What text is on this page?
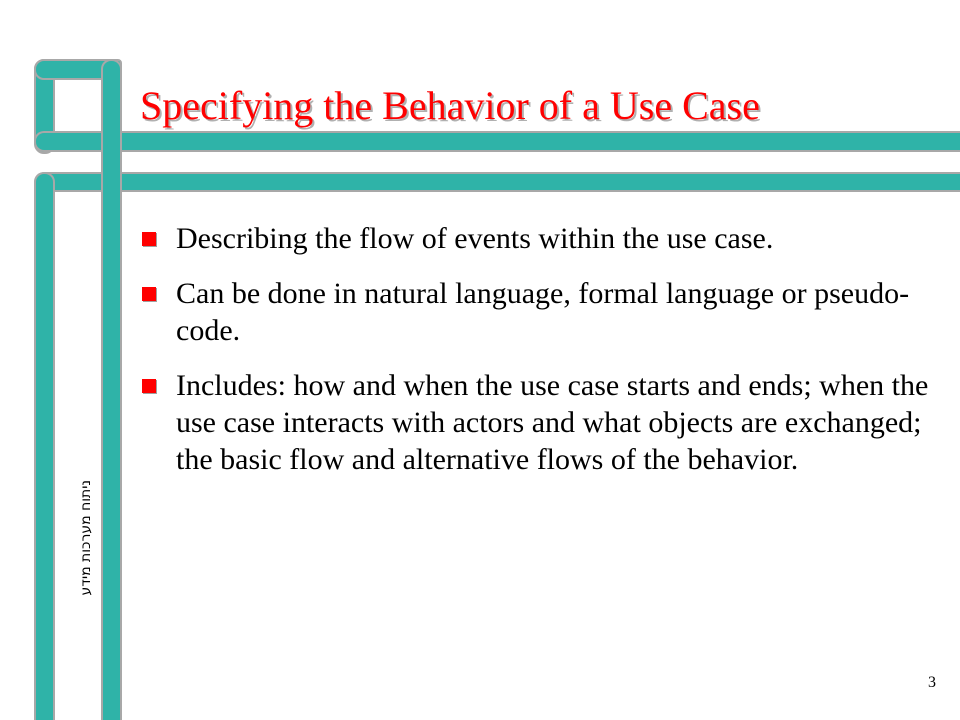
Specifying the Behavior of a Use Case
Describing the flow of events within the use case.
Can be done in natural language, formal language or pseudo-code.
Includes: how and when the use case starts and ends; when the use case interacts with actors and what objects are exchanged; the basic flow and alternative flows of the behavior.
ניתוח מערכות מידע
3
